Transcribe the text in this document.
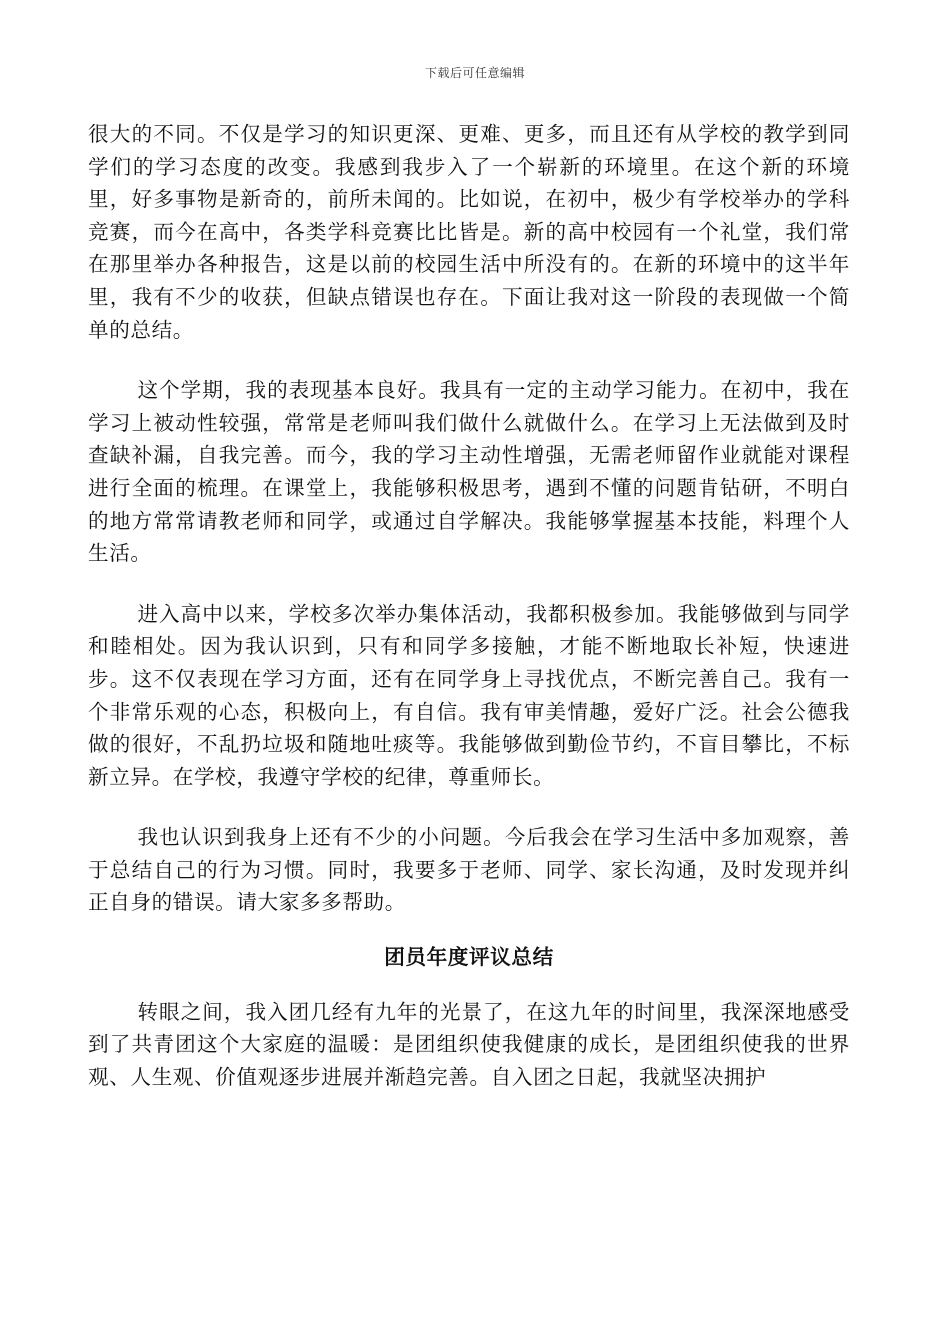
下载后可任意编辑

很大的不同。不仅是学习的知识更深、更难、更多，而且还有从学校的教学到同学们的学习态度的改变。我感到我步入了一个崭新的环境里。在这个新的环境里，好多事物是新奇的，前所未闻的。比如说，在初中，极少有学校举办的学科竞赛，而今在高中，各类学科竞赛比比皆是。新的高中校园有一个礼堂，我们常在那里举办各种报告，这是以前的校园生活中所没有的。在新的环境中的这半年里，我有不少的收获，但缺点错误也存在。下面让我对这一阶段的表现做一个简单的总结。

这个学期，我的表现基本良好。我具有一定的主动学习能力。在初中，我在学习上被动性较强，常常是老师叫我们做什么就做什么。在学习上无法做到及时查缺补漏，自我完善。而今，我的学习主动性增强，无需老师留作业就能对课程进行全面的梳理。在课堂上，我能够积极思考，遇到不懂的问题肯钻研，不明白的地方常常请教老师和同学，或通过自学解决。我能够掌握基本技能，料理个人生活。

进入高中以来，学校多次举办集体活动，我都积极参加。我能够做到与同学和睦相处。因为我认识到，只有和同学多接触，才能不断地取长补短，快速进步。这不仅表现在学习方面，还有在同学身上寻找优点，不断完善自己。我有一个非常乐观的心态，积极向上，有自信。我有审美情趣，爱好广泛。社会公德我做的很好，不乱扔垃圾和随地吐痰等。我能够做到勤俭节约，不盲目攀比，不标新立异。在学校，我遵守学校的纪律，尊重师长。

我也认识到我身上还有不少的小问题。今后我会在学习生活中多加观察，善于总结自己的行为习惯。同时，我要多于老师、同学、家长沟通，及时发现并纠正自身的错误。请大家多多帮助。

团员年度评议总结

转眼之间，我入团几经有九年的光景了，在这九年的时间里，我深深地感受到了共青团这个大家庭的温暖：是团组织使我健康的成长，是团组织使我的世界观、人生观、价值观逐步进展并渐趋完善。自入团之日起，我就坚决拥护
